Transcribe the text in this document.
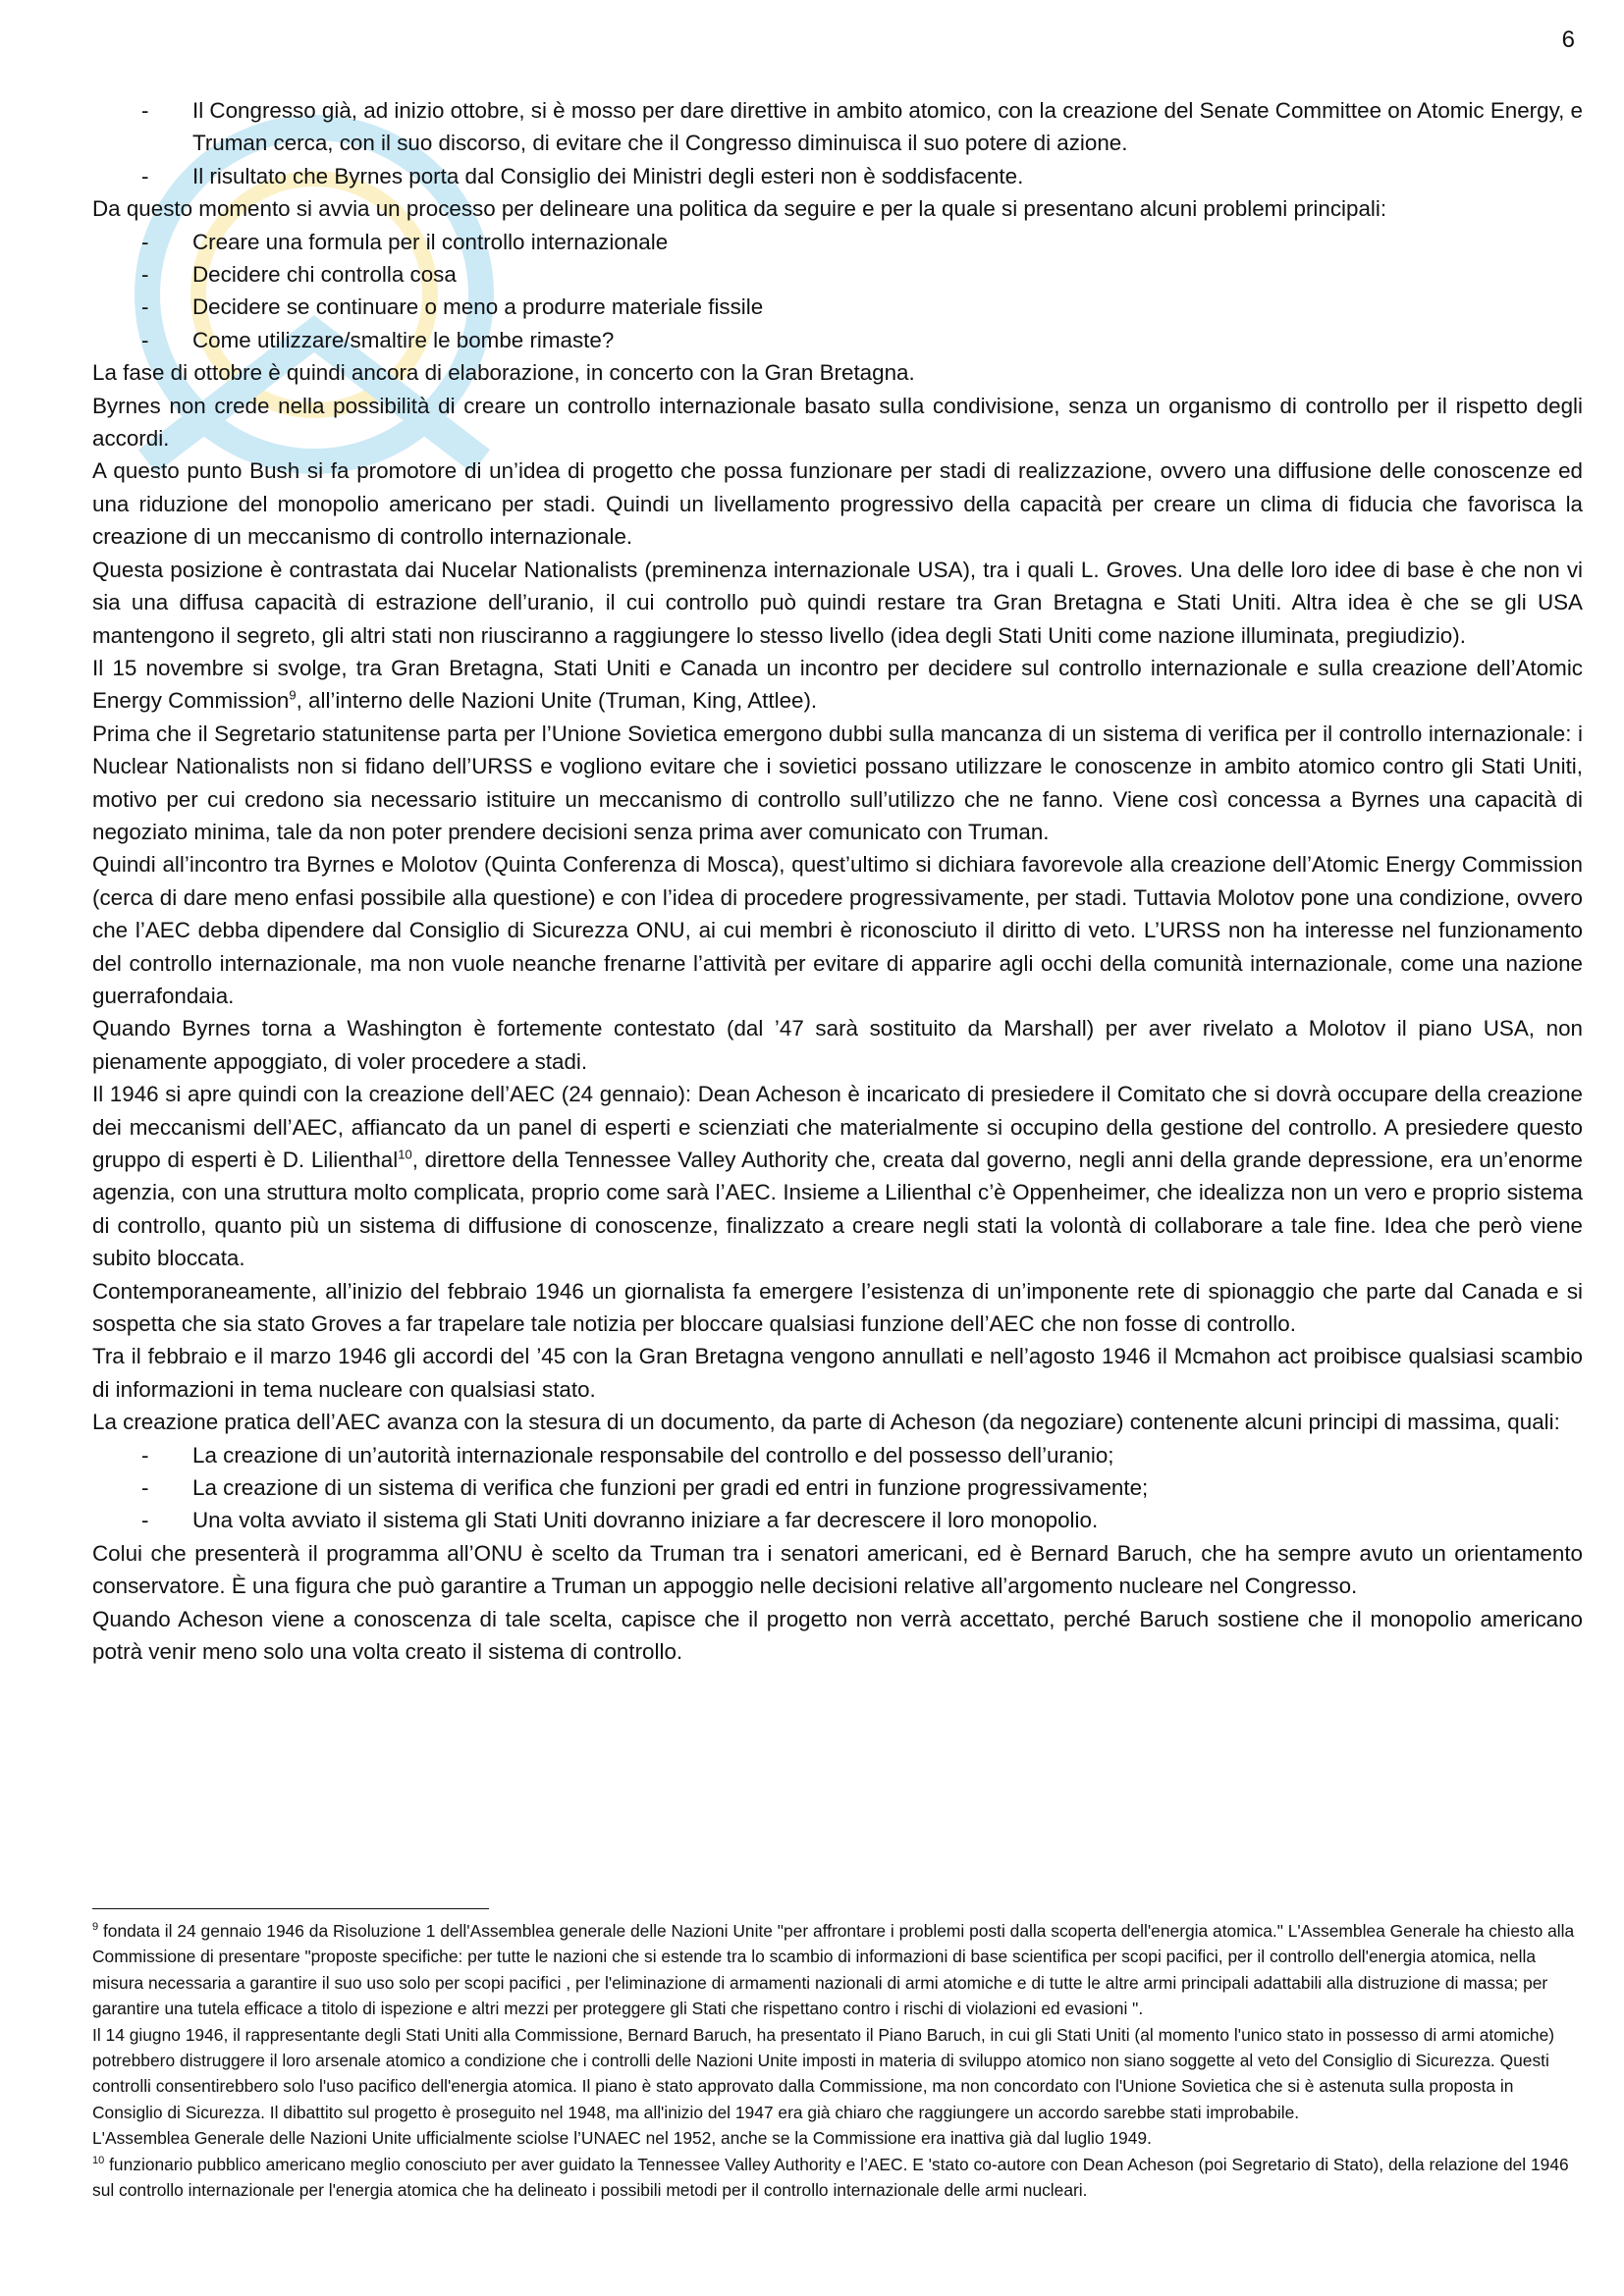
6
- Il Congresso già, ad inizio ottobre, si è mosso per dare direttive in ambito atomico, con la creazione del Senate Committee on Atomic Energy, e Truman cerca, con il suo discorso, di evitare che il Congresso diminuisca il suo potere di azione.
- Il risultato che Byrnes porta dal Consiglio dei Ministri degli esteri non è soddisfacente.

Da questo momento si avvia un processo per delineare una politica da seguire e per la quale si presentano alcuni problemi principali:

- Creare una formula per il controllo internazionale
- Decidere chi controlla cosa
- Decidere se continuare o meno a produrre materiale fissile
- Come utilizzare/smaltire le bombe rimaste?

La fase di ottobre è quindi ancora di elaborazione, in concerto con la Gran Bretagna.

Byrnes non crede nella possibilità di creare un controllo internazionale basato sulla condivisione, senza un organismo di controllo per il rispetto degli accordi.

A questo punto Bush si fa promotore di un’idea di progetto che possa funzionare per stadi di realizzazione, ovvero una diffusione delle conoscenze ed una riduzione del monopolio americano per stadi. Quindi un livellamento progressivo della capacità per creare un clima di fiducia che favorisca la creazione di un meccanismo di controllo internazionale.

Questa posizione è contrastata dai Nucelar Nationalists (preminenza internazionale USA), tra i quali L. Groves. Una delle loro idee di base è che non vi sia una diffusa capacità di estrazione dell’uranio, il cui controllo può quindi restare tra Gran Bretagna e Stati Uniti. Altra idea è che se gli USA mantengono il segreto, gli altri stati non riusciranno a raggiungere lo stesso livello (idea degli Stati Uniti come nazione illuminata, pregiudizio).

Il 15 novembre si svolge, tra Gran Bretagna, Stati Uniti e Canada un incontro per decidere sul controllo internazionale e sulla creazione dell’Atomic Energy Commission$^9$, all’interno delle Nazioni Unite (Truman, King, Attlee).

Prima che il Segretario statunitense parta per l’Unione Sovietica emergono dubbi sulla mancanza di un sistema di verifica per il controllo internazionale: i Nuclear Nationalists non si fidano dell’URSS e vogliono evitare che i sovietici possano utilizzare le conoscenze in ambito atomico contro gli Stati Uniti, motivo per cui credono sia necessario istituire un meccanismo di controllo sull’utilizzo che ne fanno. Viene così concessa a Byrnes una capacità di negoziato minima, tale da non poter prendere decisioni senza prima aver comunicato con Truman.

Quindi all’incontro tra Byrnes e Molotov (Quinta Conferenza di Mosca), quest’ultimo si dichiara favorevole alla creazione dell’Atomic Energy Commission (cerca di dare meno enfasi possibile alla questione) e con l’idea di procedere progressivamente, per stadi. Tuttavia Molotov pone una condizione, ovvero che l’AEC debba dipendere dal Consiglio di Sicurezza ONU, ai cui membri è riconosciuto il diritto di veto. L’URSS non ha interesse nel funzionamento del controllo internazionale, ma non vuole neanche frenarne l’attività per evitare di apparire agli occhi della comunità internazionale, come una nazione guerrafondaia.

Quando Byrnes torna a Washington è fortemente contestato (dal ’47 sarà sostituito da Marshall) per aver rivelato a Molotov il piano USA, non pienamente appoggiato, di voler procedere a stadi.

Il 1946 si apre quindi con la creazione dell’AEC (24 gennaio): Dean Acheson è incaricato di presiedere il Comitato che si dovrà occupare della creazione dei meccanismi dell’AEC, affiancato da un panel di esperti e scienziati che materialmente si occupino della gestione del controllo. A presiedere questo gruppo di esperti è D. Lilienthal$^{10}$, direttore della Tennessee Valley Authority che, creata dal governo, negli anni della grande depressione, era un’enorme agenzia, con una struttura molto complicata, proprio come sarà l’AEC. Insieme a Lilienthal c’è Oppenheimer, che idealizza non un vero e proprio sistema di controllo, quanto più un sistema di diffusione di conoscenze, finalizzato a creare negli stati la volontà di collaborare a tale fine. Idea che però viene subito bloccata.

Contemporaneamente, all’inizio del febbraio 1946 un giornalista fa emergere l’esistenza di un’imponente rete di spionaggio che parte dal Canada e si sospetta che sia stato Groves a far trapelare tale notizia per bloccare qualsiasi funzione dell’AEC che non fosse di controllo.

Tra il febbraio e il marzo 1946 gli accordi del ’45 con la Gran Bretagna vengono annullati e nell’agosto 1946 il Mcmahon act proibisce qualsiasi scambio di informazioni in tema nucleare con qualsiasi stato.

La creazione pratica dell’AEC avanza con la stesura di un documento, da parte di Acheson (da negoziare) contenente alcuni principi di massima, quali:

- La creazione di un’autorità internazionale responsabile del controllo e del possesso dell’uranio;
- La creazione di un sistema di verifica che funzioni per gradi ed entri in funzione progressivamente;
- Una volta avviato il sistema gli Stati Uniti dovranno iniziare a far decrescere il loro monopolio.

Colui che presenterà il programma all’ONU è scelto da Truman tra i senatori americani, ed è Bernard Baruch, che ha sempre avuto un orientamento conservatore. È una figura che può garantire a Truman un appoggio nelle decisioni relative all’argomento nucleare nel Congresso.

Quando Acheson viene a conoscenza di tale scelta, capisce che il progetto non verrà accettato, perché Baruch sostiene che il monopolio americano potrà venir meno solo una volta creato il sistema di controllo.

$^9$ fondata il 24 gennaio 1946 da Risoluzione 1 dell'Assemblea generale delle Nazioni Unite "per affrontare i problemi posti dalla scoperta dell'energia atomica." L'Assemblea Generale ha chiesto alla Commissione di presentare "proposte specifiche: per tutte le nazioni che si estende tra lo scambio di informazioni di base scientifica per scopi pacifici, per il controllo dell'energia atomica, nella misura necessaria a garantire il suo uso solo per scopi pacifici , per l'eliminazione di armamenti nazionali di armi atomiche e di tutte le altre armi principali adattabili alla distruzione di massa; per garantire una tutela efficace a titolo di ispezione e altri mezzi per proteggere gli Stati che rispettano contro i rischi di violazioni ed evasioni ".

Il 14 giugno 1946, il rappresentante degli Stati Uniti alla Commissione, Bernard Baruch, ha presentato il Piano Baruch, in cui gli Stati Uniti (al momento l'unico stato in possesso di armi atomiche) potrebbero distruggere il loro arsenale atomico a condizione che i controlli delle Nazioni Unite imposti in materia di sviluppo atomico non siano soggette al veto del Consiglio di Sicurezza. Questi controlli consentirebbero solo l'uso pacifico dell'energia atomica. Il piano è stato approvato dalla Commissione, ma non concordato con l'Unione Sovietica che si è astenuta sulla proposta in Consiglio di Sicurezza. Il dibattito sul progetto è proseguito nel 1948, ma all'inizio del 1947 era già chiaro che raggiungere un accordo sarebbe stati improbabile.

L'Assemblea Generale delle Nazioni Unite ufficialmente sciolse l’UNAEC nel 1952, anche se la Commissione era inattiva già dal luglio 1949.

$^{10}$ funzionario pubblico americano meglio conosciuto per aver guidato la Tennessee Valley Authority e l’AEC. E 'stato co-autore con Dean Acheson (poi Segretario di Stato), della relazione del 1946 sul controllo internazionale per l'energia atomica che ha delineato i possibili metodi per il controllo internazionale delle armi nucleari.
